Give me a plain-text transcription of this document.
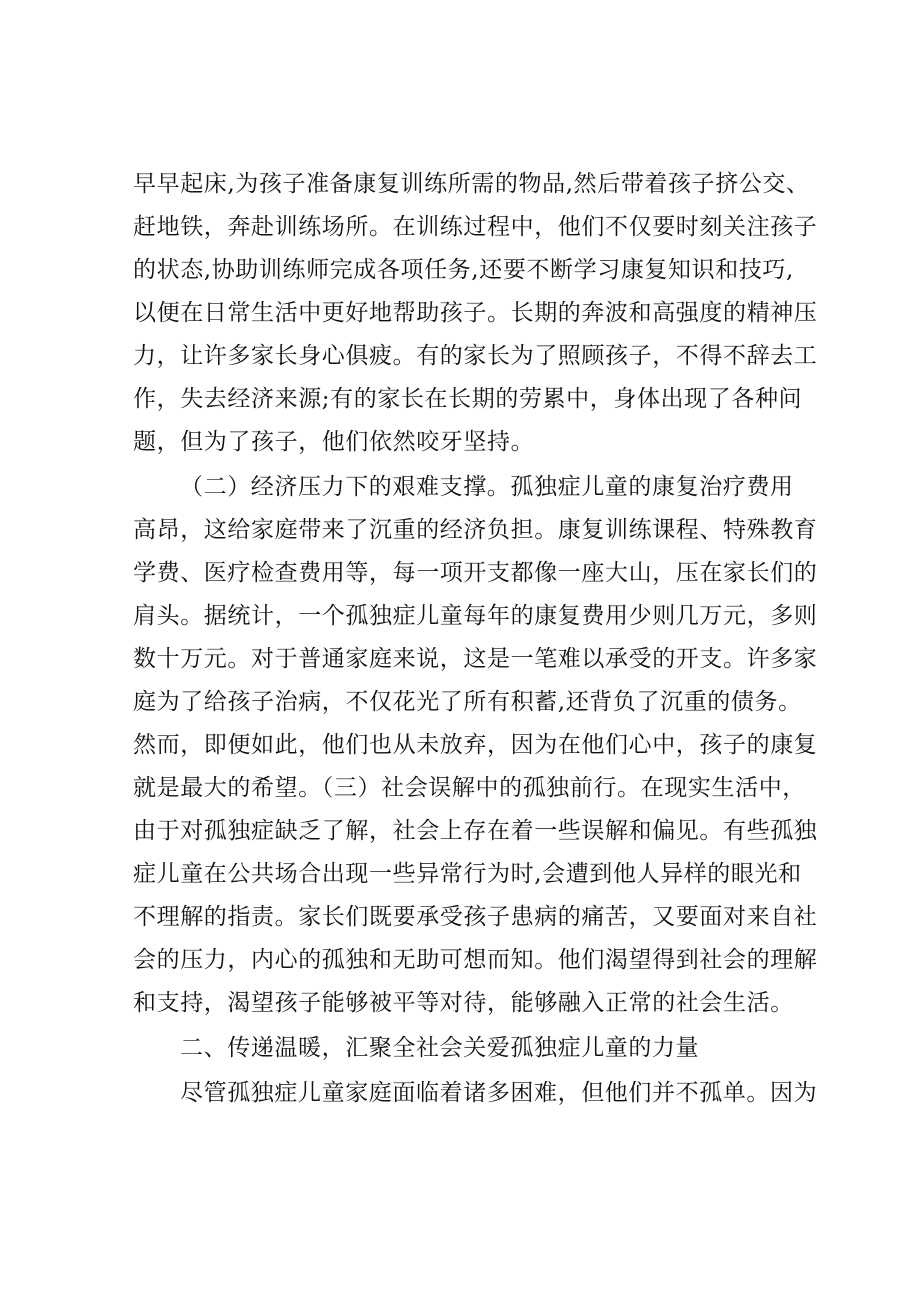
早早起床,为孩子准备康复训练所需的物品,然后带着孩子挤公交、
赶地铁，奔赴训练场所。在训练过程中，他们不仅要时刻关注孩子
的状态,协助训练师完成各项任务,还要不断学习康复知识和技巧,
以便在日常生活中更好地帮助孩子。长期的奔波和高强度的精神压
力，让许多家长身心俱疲。有的家长为了照顾孩子，不得不辞去工
作，失去经济来源;有的家长在长期的劳累中，身体出现了各种问
题，但为了孩子，他们依然咬牙坚持。
（二）经济压力下的艰难支撑。孤独症儿童的康复治疗费用
高昂，这给家庭带来了沉重的经济负担。康复训练课程、特殊教育
学费、医疗检查费用等，每一项开支都像一座大山，压在家长们的
肩头。据统计，一个孤独症儿童每年的康复费用少则几万元，多则
数十万元。对于普通家庭来说，这是一笔难以承受的开支。许多家
庭为了给孩子治病，不仅花光了所有积蓄,还背负了沉重的债务。
然而，即便如此，他们也从未放弃，因为在他们心中，孩子的康复
就是最大的希望。（三）社会误解中的孤独前行。在现实生活中，
由于对孤独症缺乏了解，社会上存在着一些误解和偏见。有些孤独
症儿童在公共场合出现一些异常行为时,会遭到他人异样的眼光和
不理解的指责。家长们既要承受孩子患病的痛苦，又要面对来自社
会的压力，内心的孤独和无助可想而知。他们渴望得到社会的理解
和支持，渴望孩子能够被平等对待，能够融入正常的社会生活。
二、传递温暖，汇聚全社会关爱孤独症儿童的力量
尽管孤独症儿童家庭面临着诸多困难，但他们并不孤单。因为
